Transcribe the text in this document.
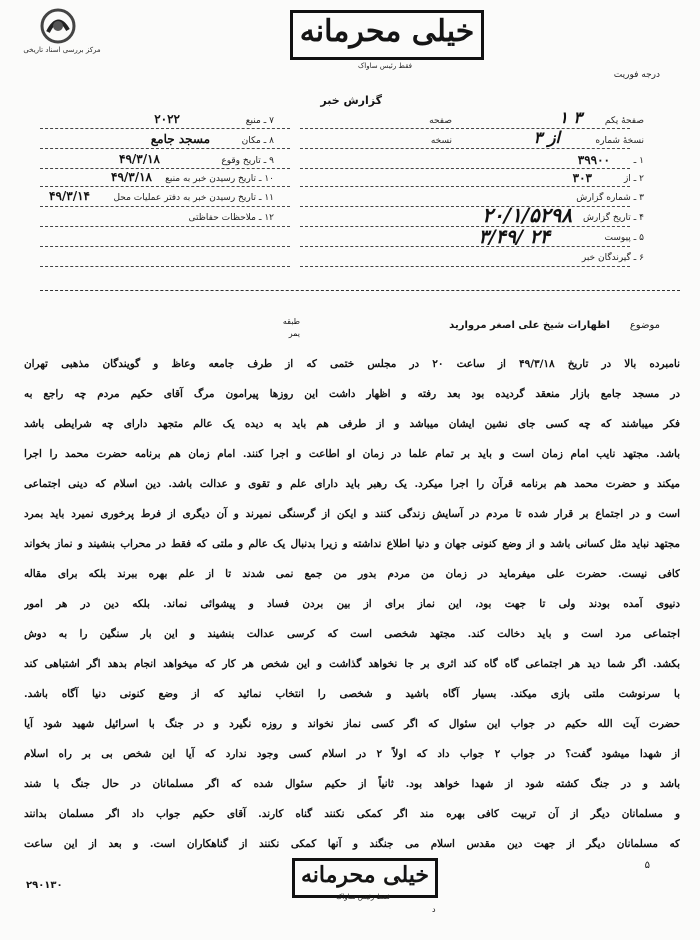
مرکز بررسی اسناد تاریخی
خیلی محرمانه
فقط رئیس ساواک
درجه فوریت
گزارش خبر
صفحهٔ یکم
۳ ۱
صفحه
نسخهٔ شماره
از ۳
نسخه
۱ ـ
۳۹۹۰۰
۲ ـ از
۳۰۳
۳ ـ شماره گزارش
۴ ـ تاریخ گزارش
۲۰/۱/۵۲۹۸
۵ ـ پیوست
۲۴ /۳/۴۹
۶ ـ گیرندگان خبر
۷ ـ منبع
۲۰۲۲
۸ ـ مکان
مسجد جامع
۹ ـ تاریخ وقوع
۴۹/۳/۱۸
۱۰ ـ تاریخ رسیدن خبر به منبع
۴۹/۳/۱۸
۱۱ ـ تاریخ رسیدن خبر به دفتر عملیات محل
۴۹/۳/۱۴
۱۲ ـ ملاحظات حفاظتی
موضوع
اظهارات شیخ علی اصغر مروارید
طبقه
یمر
نامبرده بالا در تاریخ ۴۹/۳/۱۸ از ساعت ۲۰ در مجلس ختمی که از طرف جامعه وعاظ و گویندگان مذهبی تهران
در مسجد جامع بازار منعقد گردیده بود بعد رفته و اظهار داشت این روزها پیرامون مرگ آقای حکیم مردم چه راجع به
فکر میباشند که چه کسی جای نشین ایشان میباشد و از طرفی هم باید به دیده یک عالم متجهد دارای چه شرایطی باشد
باشد. مجتهد نایب امام زمان است و باید بر تمام علما در زمان او اطاعت و اجرا کنند. امام زمان هم برنامه حضرت محمد را اجرا
میکند و حضرت محمد هم برنامه قرآن را اجرا میکرد. یک رهبر باید دارای علم و تقوی و عدالت باشد. دین اسلام که دینی اجتماعی
است و در اجتماع بر قرار شده تا مردم در آسایش زندگی کنند و ایکن از گرسنگی نمیرند و آن دیگری از فرط پرخوری نمیرد باید بمرد
مجتهد نباید مثل کسانی باشد و از وضع کنونی جهان و دنیا اطلاع نداشته و زیرا بدنبال یک عالم و ملتی که فقط در محراب بنشیند و نماز بخواند
کافی نیست. حضرت علی میفرماید در زمان من مردم بدور من جمع نمی شدند تا از علم بهره ببرند بلکه برای مقاله
دنیوی آمده بودند ولی تا جهت بود، این نماز برای از بین بردن فساد و پیشوائی نماند. بلکه دین در هر امور
اجتماعی مرد است و باید دخالت کند. مجتهد شخصی است که کرسی عدالت بنشیند و این بار سنگین را به دوش
بکشد. اگر شما دید هر اجتماعی گاه گاه کند اثری بر جا نخواهد گذاشت و این شخص هر کار که میخواهد انجام بدهد اگر اشتباهی کند
با سرنوشت ملتی بازی میکند. بسیار آگاه باشید و شخصی را انتخاب نمائید که از وضع کنونی دنیا آگاه باشد.
حضرت آیت الله حکیم در جواب این سئوال که اگر کسی نماز نخواند و روزه نگیرد و در جنگ با اسرائیل شهید شود آیا
از شهدا میشود گفت؟ در جواب ۲ جواب داد که اولاً ۲ در اسلام کسی وجود ندارد که آیا این شخص بی بر راه اسلام
باشد و در جنگ کشته شود از شهدا خواهد بود. ثانیاً از حکیم سئوال شده که اگر مسلمانان در حال جنگ با شند
و مسلمانان دیگر از آن تربیت کافی بهره مند اگر کمکی نکنند گناه کارند. آقای حکیم جواب داد اگر مسلمان بدانند
که مسلمانان دیگر از جهت دین مقدس اسلام می جنگند و آنها کمکی نکنند از گناهکاران است. و بعد از این ساعت
۵
خیلی محرمانه
فقط رئیس ساواک
۲۹۰۱۳۰
د
